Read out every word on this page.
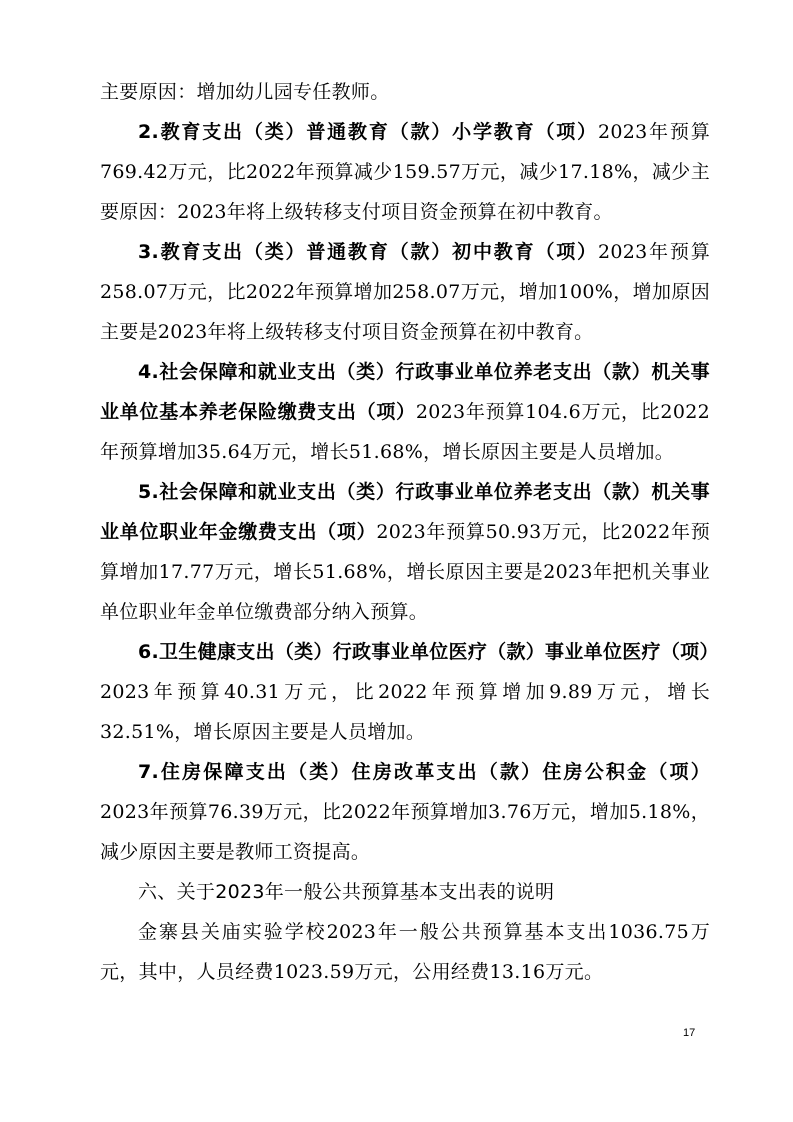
主要原因：增加幼儿园专任教师。

2.教育支出（类）普通教育（款）小学教育（项）2023年预算769.42万元，比2022年预算减少159.57万元，减少17.18%，减少主要原因：2023年将上级转移支付项目资金预算在初中教育。

3.教育支出（类）普通教育（款）初中教育（项）2023年预算258.07万元，比2022年预算增加258.07万元，增加100%，增加原因主要是2023年将上级转移支付项目资金预算在初中教育。

4.社会保障和就业支出（类）行政事业单位养老支出（款）机关事业单位基本养老保险缴费支出（项）2023年预算104.6万元，比2022年预算增加35.64万元，增长51.68%，增长原因主要是人员增加。

5.社会保障和就业支出（类）行政事业单位养老支出（款）机关事业单位职业年金缴费支出（项）2023年预算50.93万元，比2022年预算增加17.77万元，增长51.68%，增长原因主要是2023年把机关事业单位职业年金单位缴费部分纳入预算。

6.卫生健康支出（类）行政事业单位医疗（款）事业单位医疗（项）2023年预算40.31万元，比2022年预算增加9.89万元，增长32.51%，增长原因主要是人员增加。

7.住房保障支出（类）住房改革支出（款）住房公积金（项）2023年预算76.39万元，比2022年预算增加3.76万元，增加5.18%，减少原因主要是教师工资提高。

六、关于2023年一般公共预算基本支出表的说明

金寨县关庙实验学校2023年一般公共预算基本支出1036.75万元，其中，人员经费1023.59万元，公用经费13.16万元。

17
